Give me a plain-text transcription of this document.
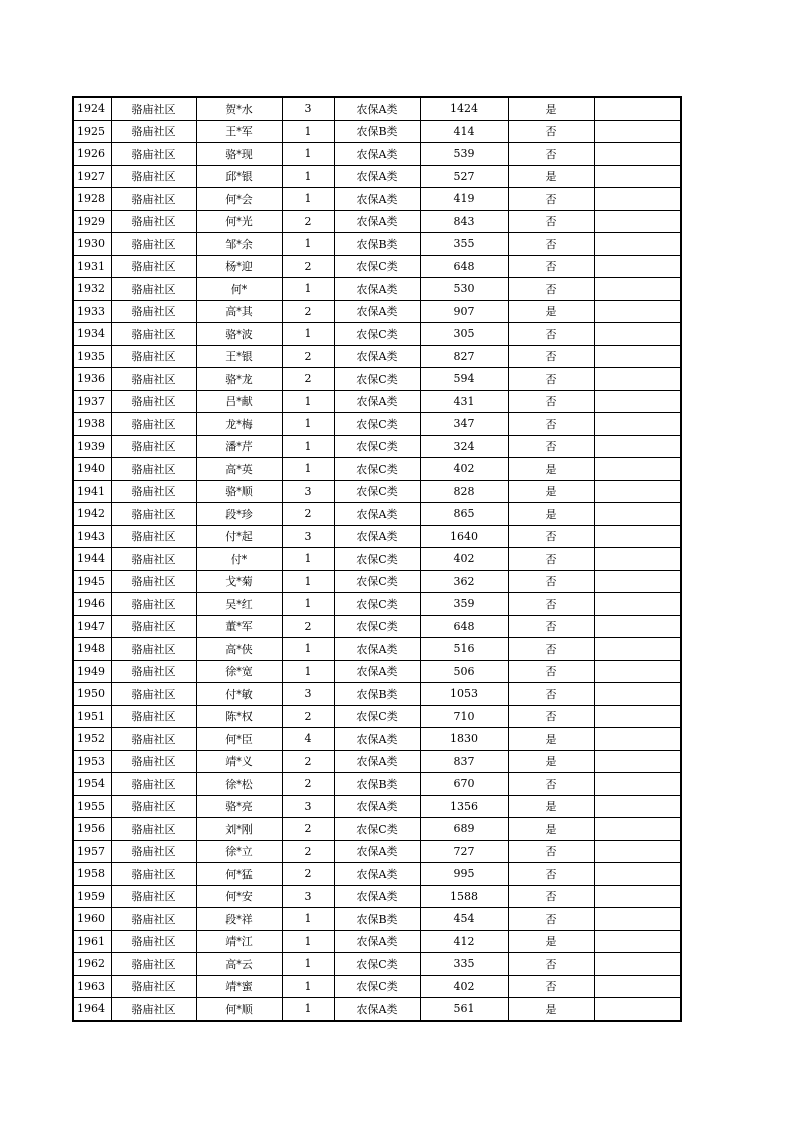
1924	骆庙社区	贺*水	3	农保A类	1424	是	
1925	骆庙社区	王*军	1	农保B类	414	否	
1926	骆庙社区	骆*现	1	农保A类	539	否	
1927	骆庙社区	邱*银	1	农保A类	527	是	
1928	骆庙社区	何*会	1	农保A类	419	否	
1929	骆庙社区	何*光	2	农保A类	843	否	
1930	骆庙社区	邹*余	1	农保B类	355	否	
1931	骆庙社区	杨*迎	2	农保C类	648	否	
1932	骆庙社区	何*	1	农保A类	530	否	
1933	骆庙社区	高*其	2	农保A类	907	是	
1934	骆庙社区	骆*波	1	农保C类	305	否	
1935	骆庙社区	王*银	2	农保A类	827	否	
1936	骆庙社区	骆*龙	2	农保C类	594	否	
1937	骆庙社区	吕*献	1	农保A类	431	否	
1938	骆庙社区	龙*梅	1	农保C类	347	否	
1939	骆庙社区	潘*芹	1	农保C类	324	否	
1940	骆庙社区	高*英	1	农保C类	402	是	
1941	骆庙社区	骆*顺	3	农保C类	828	是	
1942	骆庙社区	段*珍	2	农保A类	865	是	
1943	骆庙社区	付*起	3	农保A类	1640	否	
1944	骆庙社区	付*	1	农保C类	402	否	
1945	骆庙社区	戈*菊	1	农保C类	362	否	
1946	骆庙社区	吴*红	1	农保C类	359	否	
1947	骆庙社区	董*军	2	农保C类	648	否	
1948	骆庙社区	高*侠	1	农保A类	516	否	
1949	骆庙社区	徐*宽	1	农保A类	506	否	
1950	骆庙社区	付*敏	3	农保B类	1053	否	
1951	骆庙社区	陈*权	2	农保C类	710	否	
1952	骆庙社区	何*臣	4	农保A类	1830	是	
1953	骆庙社区	靖*义	2	农保A类	837	是	
1954	骆庙社区	徐*松	2	农保B类	670	否	
1955	骆庙社区	骆*亮	3	农保A类	1356	是	
1956	骆庙社区	刘*刚	2	农保C类	689	是	
1957	骆庙社区	徐*立	2	农保A类	727	否	
1958	骆庙社区	何*猛	2	农保A类	995	否	
1959	骆庙社区	何*安	3	农保A类	1588	否	
1960	骆庙社区	段*祥	1	农保B类	454	否	
1961	骆庙社区	靖*江	1	农保A类	412	是	
1962	骆庙社区	高*云	1	农保C类	335	否	
1963	骆庙社区	靖*蜜	1	农保C类	402	否	
1964	骆庙社区	何*顺	1	农保A类	561	是	
